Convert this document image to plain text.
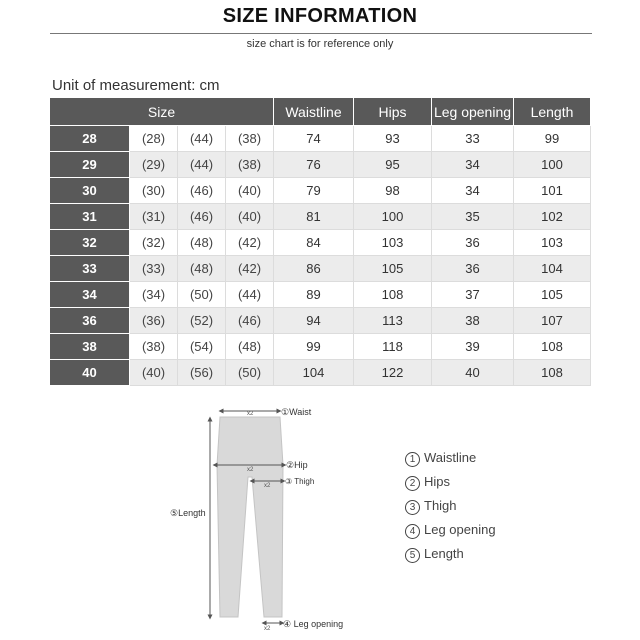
SIZE INFORMATION
size chart is for reference only
Unit of measurement: cm
Size				Waistline	Hips	Leg opening	Length
28	(28)	(44)	(38)	74	93	33	99
29	(29)	(44)	(38)	76	95	34	100
30	(30)	(46)	(40)	79	98	34	101
31	(31)	(46)	(40)	81	100	35	102
32	(32)	(48)	(42)	84	103	36	103
33	(33)	(48)	(42)	86	105	36	104
34	(34)	(50)	(44)	89	108	37	105
36	(36)	(52)	(46)	94	113	38	107
38	(38)	(54)	(48)	99	118	39	108
40	(40)	(56)	(50)	104	122	40	108
x2	①Waist
x2	②Hip
x2 ③ Thigh
⑤Length
x2 ④ Leg opening
1 Waistline
2 Hips
3 Thigh
4 Leg opening
5 Length
